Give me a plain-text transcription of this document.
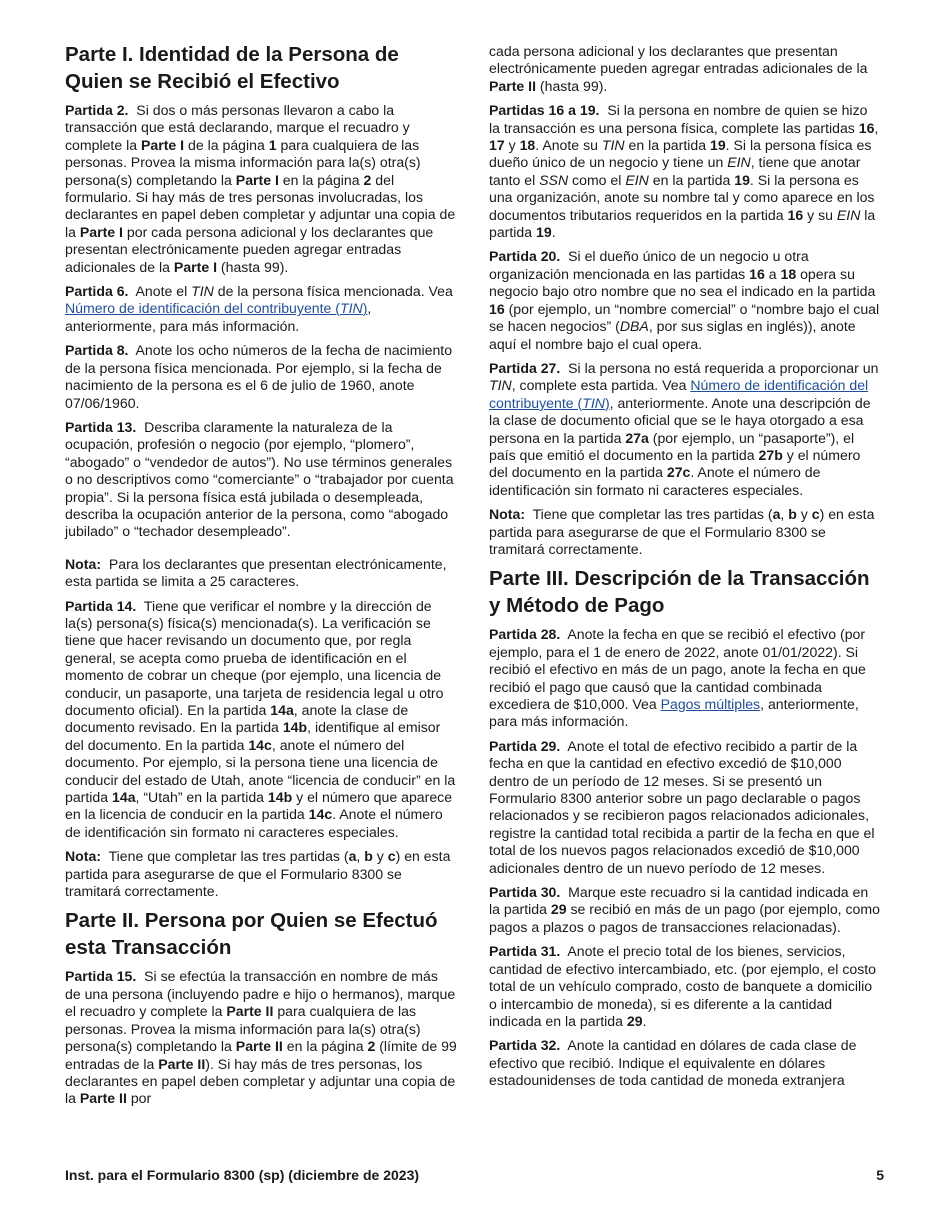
Parte I. Identidad de la Persona de Quien se Recibió el Efectivo

Partida 2. Si dos o más personas llevaron a cabo la transacción que está declarando, marque el recuadro y complete la Parte I de la página 1 para cualquiera de las personas. Provea la misma información para la(s) otra(s) persona(s) completando la Parte I en la página 2 del formulario. Si hay más de tres personas involucradas, los declarantes en papel deben completar y adjuntar una copia de la Parte I por cada persona adicional y los declarantes que presentan electrónicamente pueden agregar entradas adicionales de la Parte I (hasta 99).

Partida 6. Anote el TIN de la persona física mencionada. Vea Número de identificación del contribuyente (TIN), anteriormente, para más información.

Partida 8. Anote los ocho números de la fecha de nacimiento de la persona física mencionada. Por ejemplo, si la fecha de nacimiento de la persona es el 6 de julio de 1960, anote 07/06/1960.

Partida 13. Describa claramente la naturaleza de la ocupación, profesión o negocio (por ejemplo, “plomero”, “abogado” o “vendedor de autos”). No use términos generales o no descriptivos como “comerciante” o “trabajador por cuenta propia”. Si la persona física está jubilada o desempleada, describa la ocupación anterior de la persona, como “abogado jubilado” o “techador desempleado”.

Nota: Para los declarantes que presentan electrónicamente, esta partida se limita a 25 caracteres.

Partida 14. Tiene que verificar el nombre y la dirección de la(s) persona(s) física(s) mencionada(s). La verificación se tiene que hacer revisando un documento que, por regla general, se acepta como prueba de identificación en el momento de cobrar un cheque (por ejemplo, una licencia de conducir, un pasaporte, una tarjeta de residencia legal u otro documento oficial). En la partida 14a, anote la clase de documento revisado. En la partida 14b, identifique al emisor del documento. En la partida 14c, anote el número del documento. Por ejemplo, si la persona tiene una licencia de conducir del estado de Utah, anote “licencia de conducir” en la partida 14a, “Utah” en la partida 14b y el número que aparece en la licencia de conducir en la partida 14c. Anote el número de identificación sin formato ni caracteres especiales.

Nota: Tiene que completar las tres partidas (a, b y c) en esta partida para asegurarse de que el Formulario 8300 se tramitará correctamente.

Parte II. Persona por Quien se Efectuó esta Transacción

Partida 15. Si se efectúa la transacción en nombre de más de una persona (incluyendo padre e hijo o hermanos), marque el recuadro y complete la Parte II para cualquiera de las personas. Provea la misma información para la(s) otra(s) persona(s) completando la Parte II en la página 2 (límite de 99 entradas de la Parte II). Si hay más de tres personas, los declarantes en papel deben completar y adjuntar una copia de la Parte II por

cada persona adicional y los declarantes que presentan electrónicamente pueden agregar entradas adicionales de la Parte II (hasta 99).

Partidas 16 a 19. Si la persona en nombre de quien se hizo la transacción es una persona física, complete las partidas 16, 17 y 18. Anote su TIN en la partida 19. Si la persona física es dueño único de un negocio y tiene un EIN, tiene que anotar tanto el SSN como el EIN en la partida 19. Si la persona es una organización, anote su nombre tal y como aparece en los documentos tributarios requeridos en la partida 16 y su EIN la partida 19.

Partida 20. Si el dueño único de un negocio u otra organización mencionada en las partidas 16 a 18 opera su negocio bajo otro nombre que no sea el indicado en la partida 16 (por ejemplo, un “nombre comercial” o “nombre bajo el cual se hacen negocios” (DBA, por sus siglas en inglés)), anote aquí el nombre bajo el cual opera.

Partida 27. Si la persona no está requerida a proporcionar un TIN, complete esta partida. Vea Número de identificación del contribuyente (TIN), anteriormente. Anote una descripción de la clase de documento oficial que se le haya otorgado a esa persona en la partida 27a (por ejemplo, un “pasaporte”), el país que emitió el documento en la partida 27b y el número del documento en la partida 27c. Anote el número de identificación sin formato ni caracteres especiales.

Nota: Tiene que completar las tres partidas (a, b y c) en esta partida para asegurarse de que el Formulario 8300 se tramitará correctamente.

Parte III. Descripción de la Transacción y Método de Pago

Partida 28. Anote la fecha en que se recibió el efectivo (por ejemplo, para el 1 de enero de 2022, anote 01/01/2022). Si recibió el efectivo en más de un pago, anote la fecha en que recibió el pago que causó que la cantidad combinada excediera de $10,000. Vea Pagos múltiples, anteriormente, para más información.

Partida 29. Anote el total de efectivo recibido a partir de la fecha en que la cantidad en efectivo excedió de $10,000 dentro de un período de 12 meses. Si se presentó un Formulario 8300 anterior sobre un pago declarable o pagos relacionados y se recibieron pagos relacionados adicionales, registre la cantidad total recibida a partir de la fecha en que el total de los nuevos pagos relacionados excedió de $10,000 adicionales dentro de un nuevo período de 12 meses.

Partida 30. Marque este recuadro si la cantidad indicada en la partida 29 se recibió en más de un pago (por ejemplo, como pagos a plazos o pagos de transacciones relacionadas).

Partida 31. Anote el precio total de los bienes, servicios, cantidad de efectivo intercambiado, etc. (por ejemplo, el costo total de un vehículo comprado, costo de banquete a domicilio o intercambio de moneda), si es diferente a la cantidad indicada en la partida 29.

Partida 32. Anote la cantidad en dólares de cada clase de efectivo que recibió. Indique el equivalente en dólares estadounidenses de toda cantidad de moneda extranjera

Inst. para el Formulario 8300 (sp) (diciembre de 2023)	5
